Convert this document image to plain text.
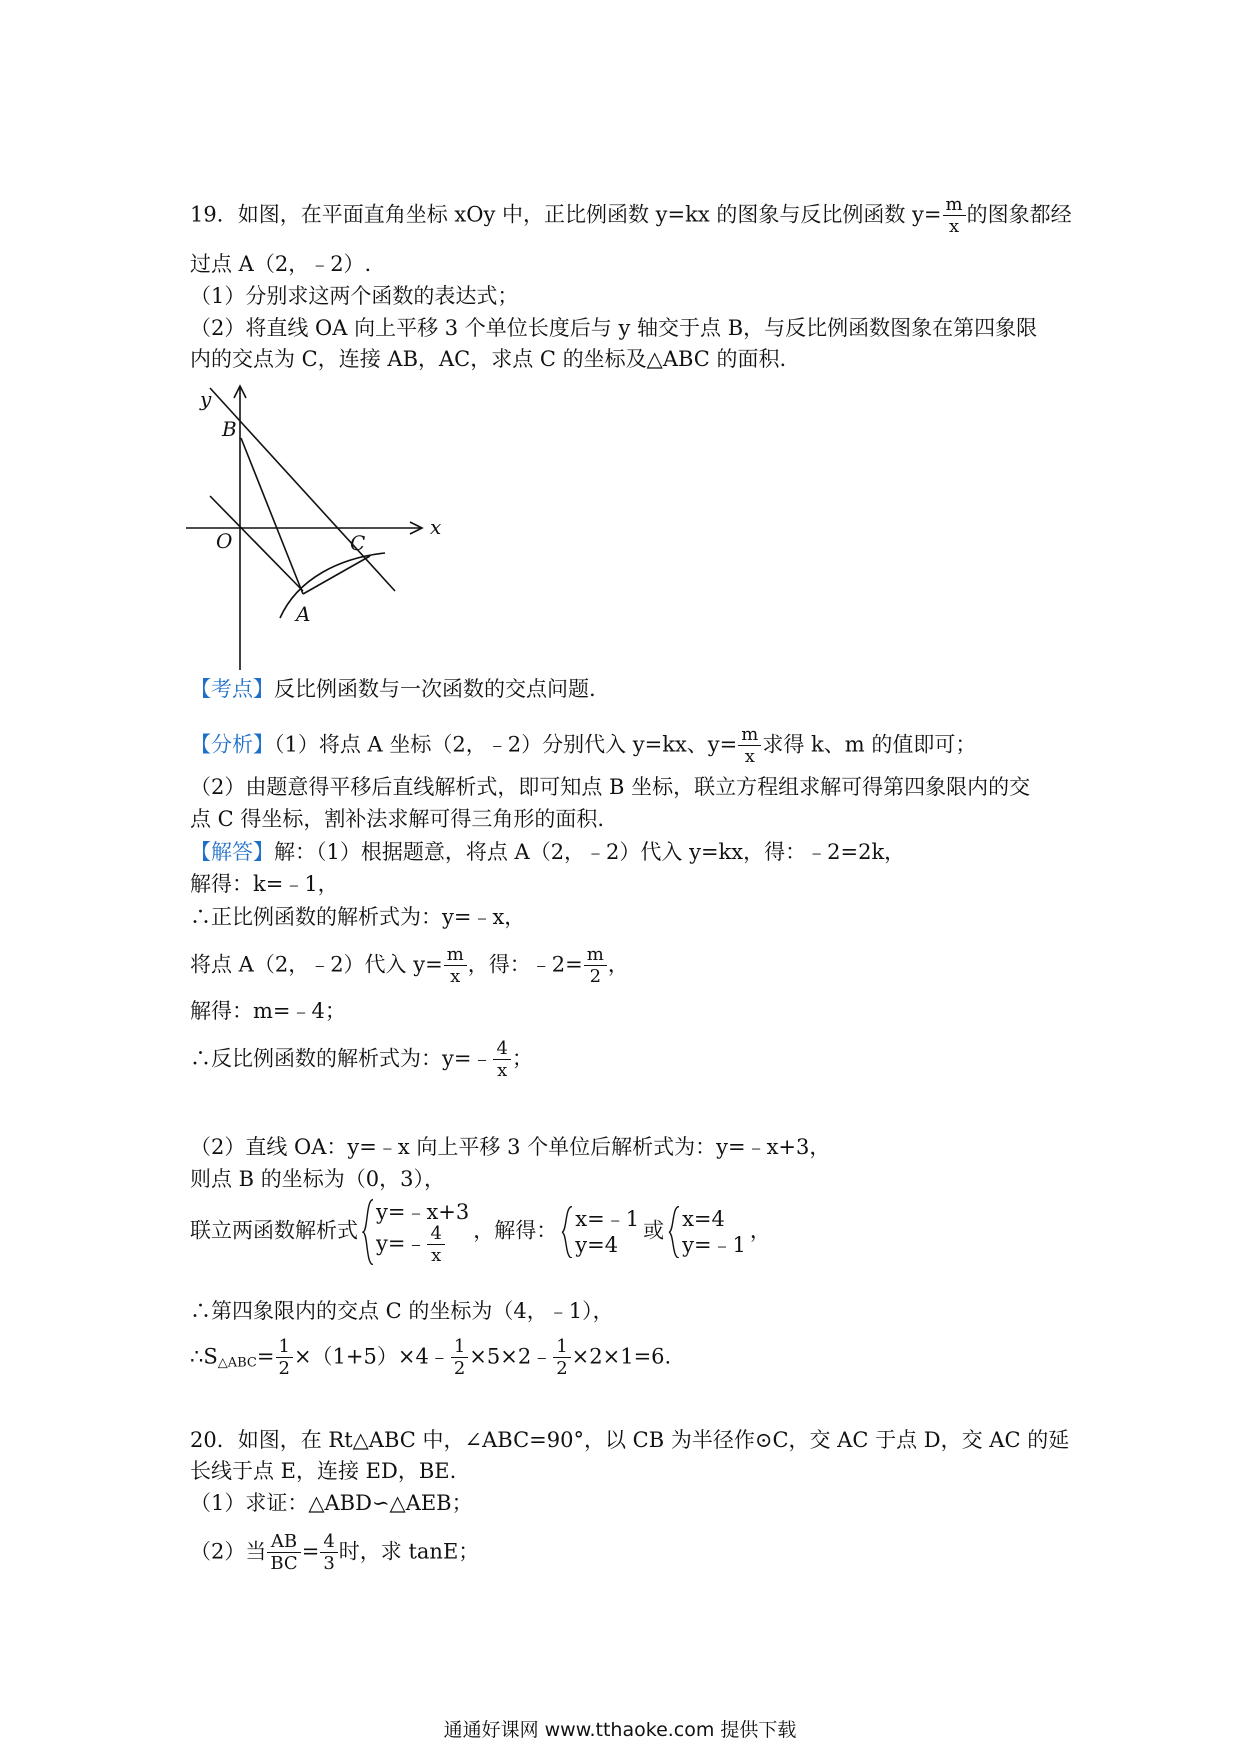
19．如图，在平面直角坐标 xOy 中，正比例函数 y=kx 的图象与反比例函数 $y= \frac{m}{x}$ 的图象都经
过点 A（2，﹣2）.
（1）分别求这两个函数的表达式；
（2）将直线 OA 向上平移 3 个单位长度后与 y 轴交于点 B，与反比例函数图象在第四象限
内的交点为 C，连接 AB，AC，求点 C 的坐标及△ABC 的面积.
y
x
O
B
C
A
【考点】反比例函数与一次函数的交点问题.
【分析】（1）将点 A 坐标（2，﹣2）分别代入 y=kx、$y= \frac{m}{x}$ 求得 k、m 的值即可；
（2）由题意得平移后直线解析式，即可知点 B 坐标，联立方程组求解可得第四象限内的交
点 C 得坐标，割补法求解可得三角形的面积.
【解答】解：（1）根据题意，将点 A（2，﹣2）代入 y=kx，得：﹣2=2k，
解得：k=﹣1，
∴正比例函数的解析式为：y=﹣x，
将点 A（2，﹣2）代入 $y= \frac{m}{x}$ ，得：﹣2= $\frac{m}{2}$ ，
解得：m=﹣4；
∴反比例函数的解析式为：y=﹣ $\frac{4}{x}$ ；
（2）直线 OA：y=﹣x 向上平移 3 个单位后解析式为：y=﹣x+3，
则点 B 的坐标为（0，3），
联立两函数解析式
y=﹣x+3
y=﹣ $\frac{4}{x}$ ，解得： x=﹣1
y=4
或 x=4
y=﹣1
，
∴第四象限内的交点 C 的坐标为（4，﹣1），
$\therefore S_{\triangle ABC}= \frac{1}{2}$ ×（1+5）×4﹣ $\frac{1}{2}$ ×5×2﹣ $\frac{1}{2} \times 2\times 1=6$.
20．如图，在 Rt△ABC 中，∠ABC=90°，以 CB 为半径作⊙C，交 AC 于点 D，交 AC 的延
长线于点 E，连接 ED，BE.
（1）求证：△ABD∽△AEB；
（2）当 $\frac{AB}{BC} = \frac{4}{3}$ 时，求 tanE；
通通好课网 www.tthaoke.com 提供下载
